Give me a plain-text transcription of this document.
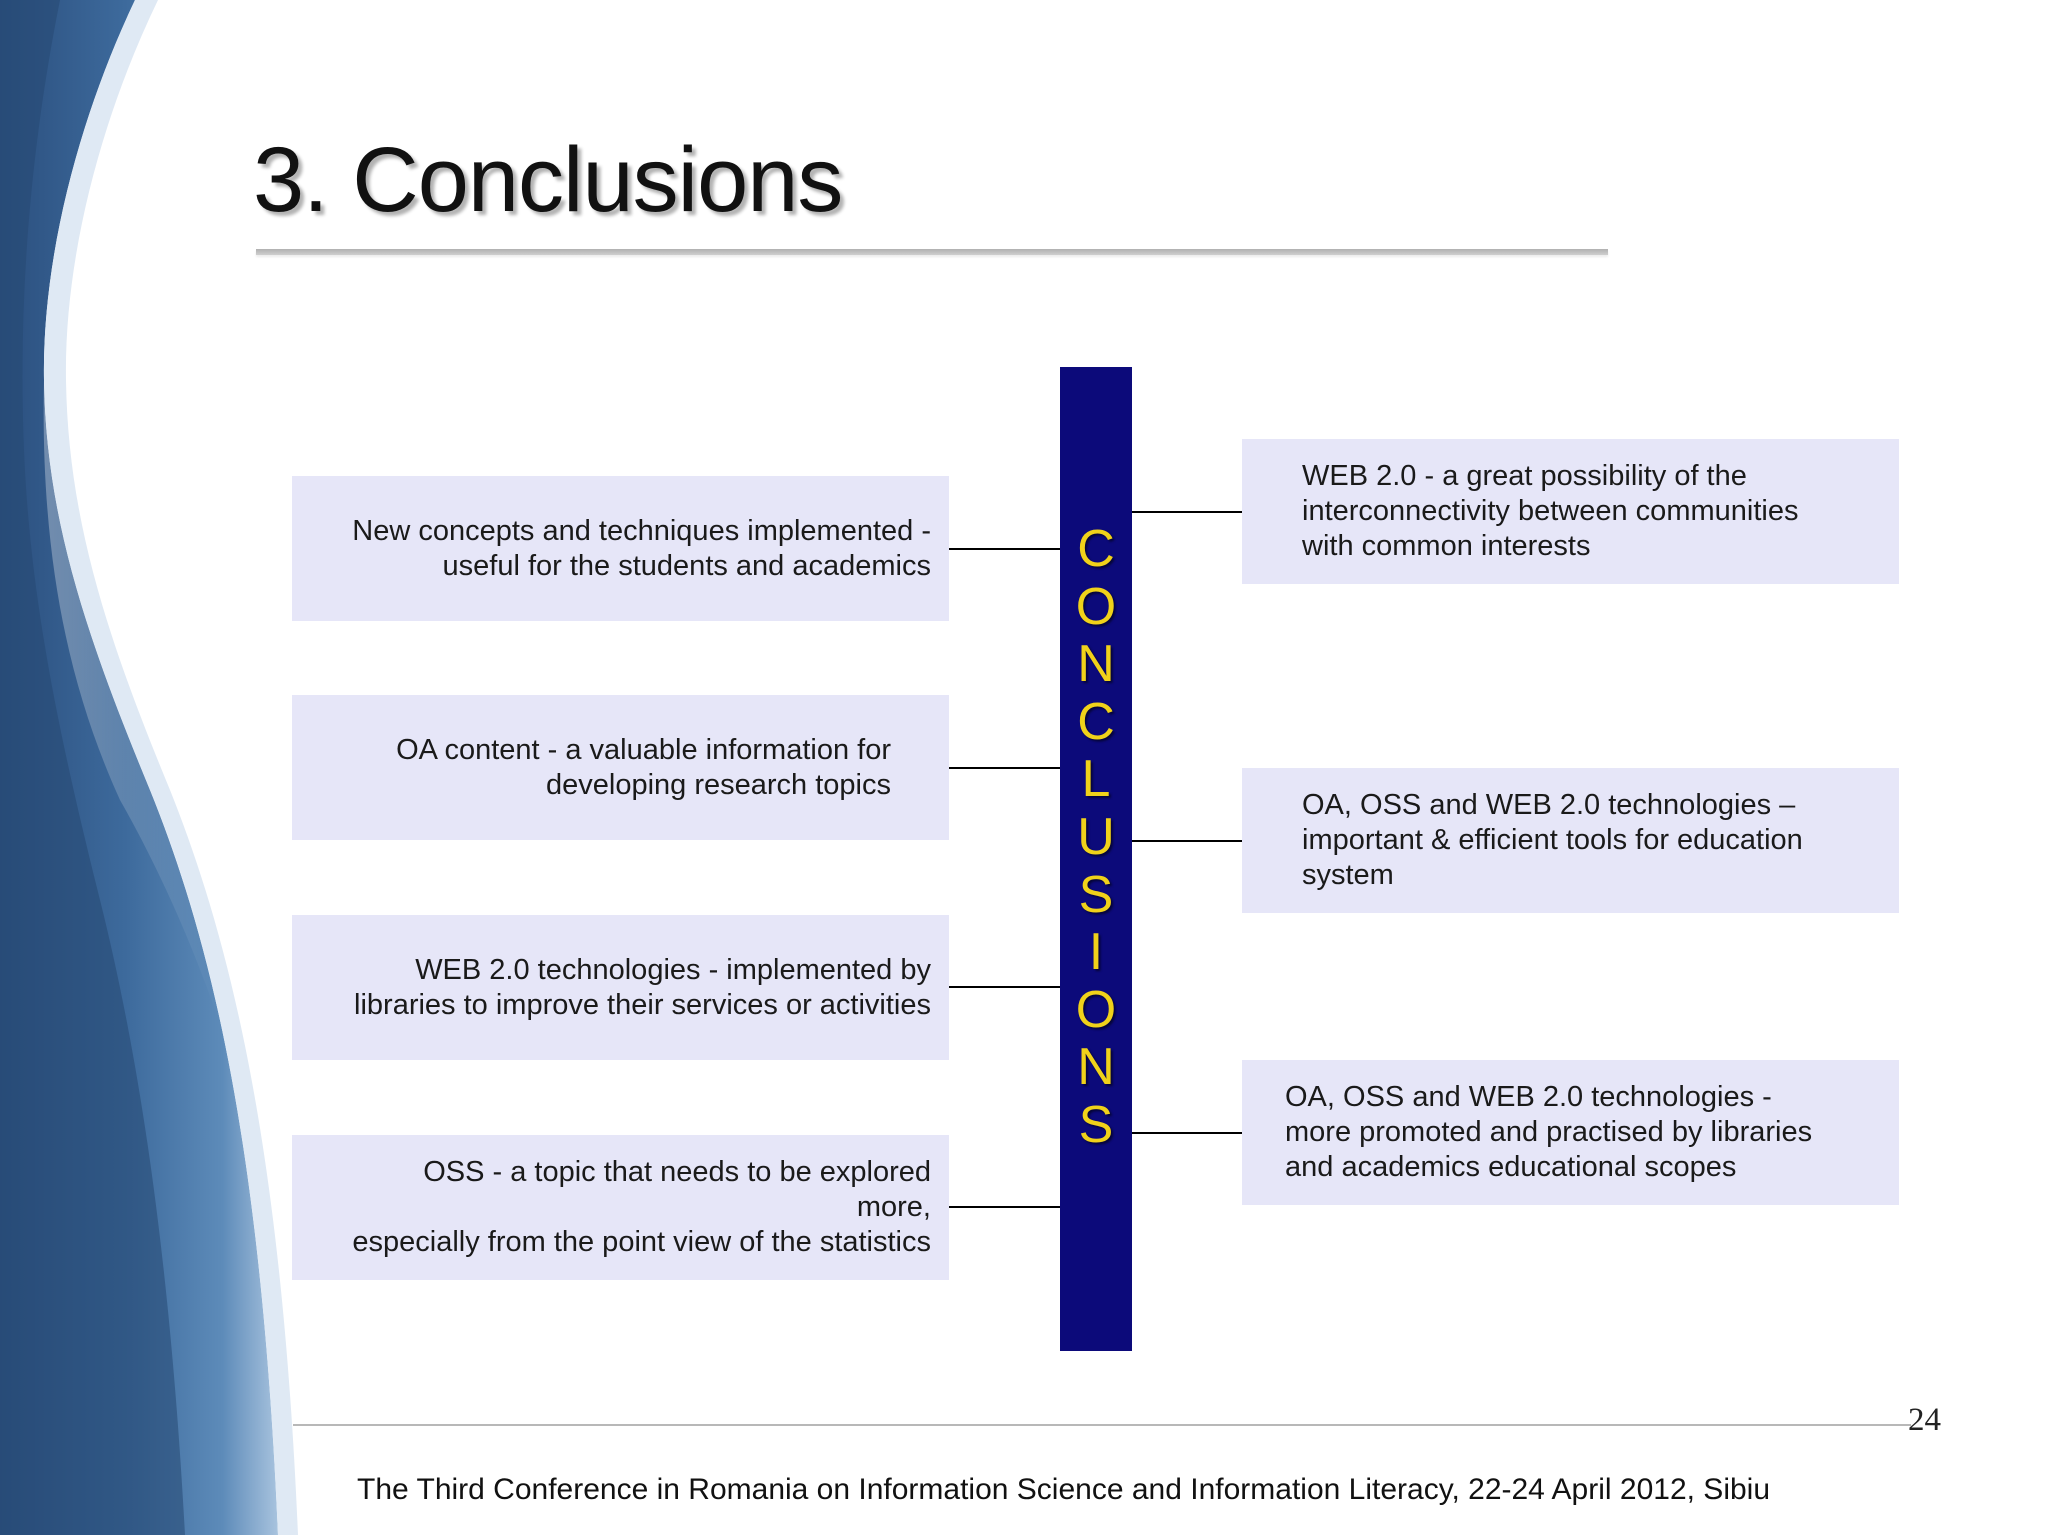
3. Conclusions
New concepts and techniques implemented -
useful for the students and academics
OA content - a valuable information for
developing research topics
WEB 2.0 technologies - implemented by
libraries to improve their services or activities
OSS - a topic that needs to be explored
more,
especially from the point view of the statistics
WEB 2.0 - a great possibility of the
interconnectivity between communities
with common interests
OA, OSS and WEB 2.0 technologies –
important & efficient tools for education
system
OA, OSS and WEB 2.0 technologies -
more promoted and practised by libraries
and academics educational scopes
C
O
N
C
L
U
S
I
O
N
S
24
The Third Conference in Romania on Information Science and Information Literacy, 22-24 April 2012, Sibiu
